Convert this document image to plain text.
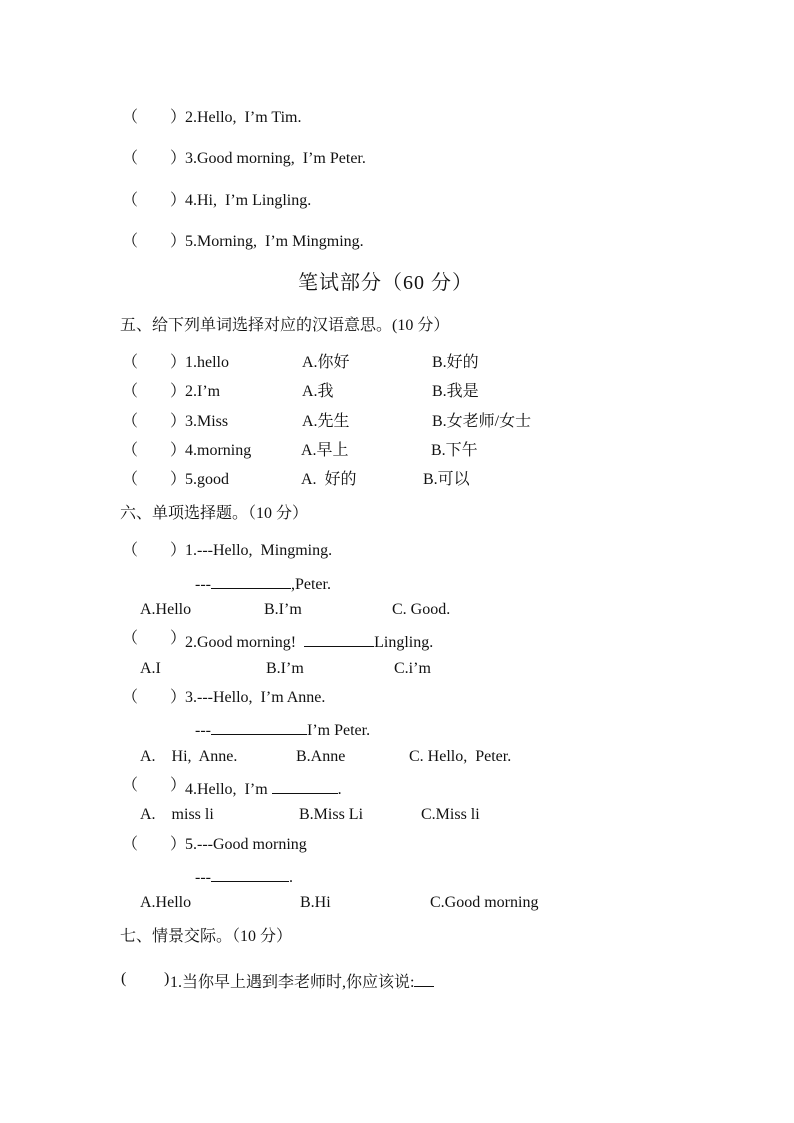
（　　）
2.Hello,  I’m Tim.
（　　）
3.Good morning,  I’m Peter.
（　　）
4.Hi,  I’m Lingling.
（　　）
5.Morning,  I’m Mingming.
笔试部分（60 分）
五、给下列单词选择对应的汉语意思。(10 分）
（　　）
1.hello	A.你好	B.好的
（　　）
2.I’m	A.我	B.我是
（　　）
3.Miss	A.先生	B.女老师/女士
（　　）
4.morning	A.早上	B.下午
（　　）
5.good	A.  好的	B.可以
六、单项选择题。（10 分）
（　　）
1.---Hello,  Mingming.
---	,Peter.
A.Hello	B.I’m	C. Good.
（　　）
2.Good morning!	Lingling.
A.I	B.I’m	C.i’m
（　　）
3.---Hello,  I’m Anne.
---	I’m Peter.
A.    Hi,  Anne.	B.Anne	C. Hello,  Peter.
（　　）
4.Hello,  I’m	.
A.    miss li	B.Miss Li	C.Miss li
（　　）
5.---Good morning
---	.
A.Hello	B.Hi	C.Good morning
七、情景交际。（10 分）
( ) 1.当你早上遇到李老师时,你应该说:
